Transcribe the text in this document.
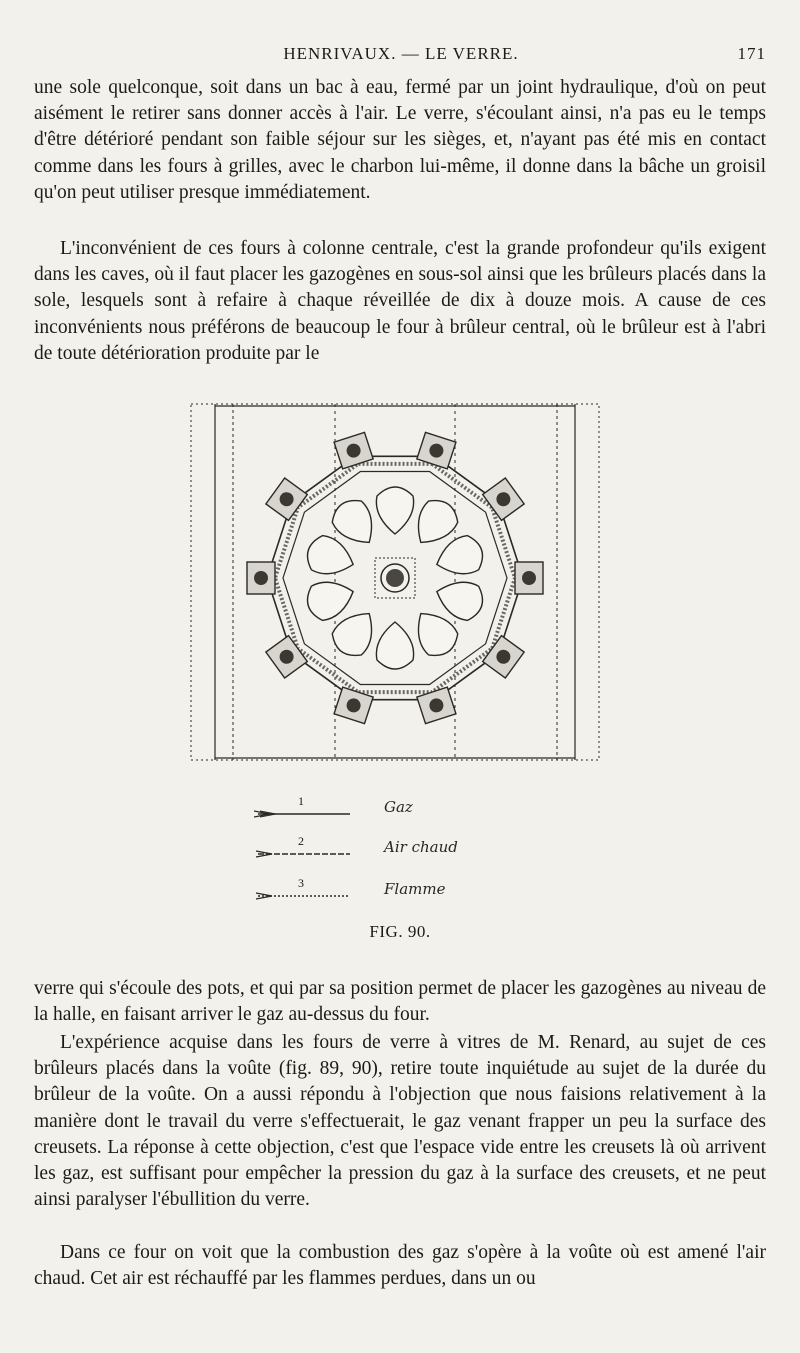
HENRIVAUX. — LE VERRE.	171

une sole quelconque, soit dans un bac à eau, fermé par un joint hydraulique, d'où on peut aisément le retirer sans donner accès à l'air. Le verre, s'écoulant ainsi, n'a pas eu le temps d'être détérioré pendant son faible séjour sur les sièges, et, n'ayant pas été mis en contact comme dans les fours à grilles, avec le charbon lui-même, il donne dans la bâche un groisil qu'on peut utiliser presque immédiatement.

L'inconvénient de ces fours à colonne centrale, c'est la grande profondeur qu'ils exigent dans les caves, où il faut placer les gazogènes en sous-sol ainsi que les brûleurs placés dans la sole, lesquels sont à refaire à chaque réveillée de dix à douze mois. A cause de ces inconvénients nous préférons de beaucoup le four à brûleur central, où le brûleur est à l'abri de toute détérioration produite par le

1	Gaz
2	Air chaud
3	Flamme
FIG. 90.

verre qui s'écoule des pots, et qui par sa position permet de placer les gazogènes au niveau de la halle, en faisant arriver le gaz au-dessus du four.

L'expérience acquise dans les fours de verre à vitres de M. Renard, au sujet de ces brûleurs placés dans la voûte (fig. 89, 90), retire toute inquiétude au sujet de la durée du brûleur de la voûte. On a aussi répondu à l'objection que nous faisions relativement à la manière dont le travail du verre s'effectuerait, le gaz venant frapper un peu la surface des creusets. La réponse à cette objection, c'est que l'espace vide entre les creusets là où arrivent les gaz, est suffisant pour empêcher la pression du gaz à la surface des creusets, et ne peut ainsi paralyser l'ébullition du verre.

Dans ce four on voit que la combustion des gaz s'opère à la voûte où est amené l'air chaud. Cet air est réchauffé par les flammes perdues, dans un ou
